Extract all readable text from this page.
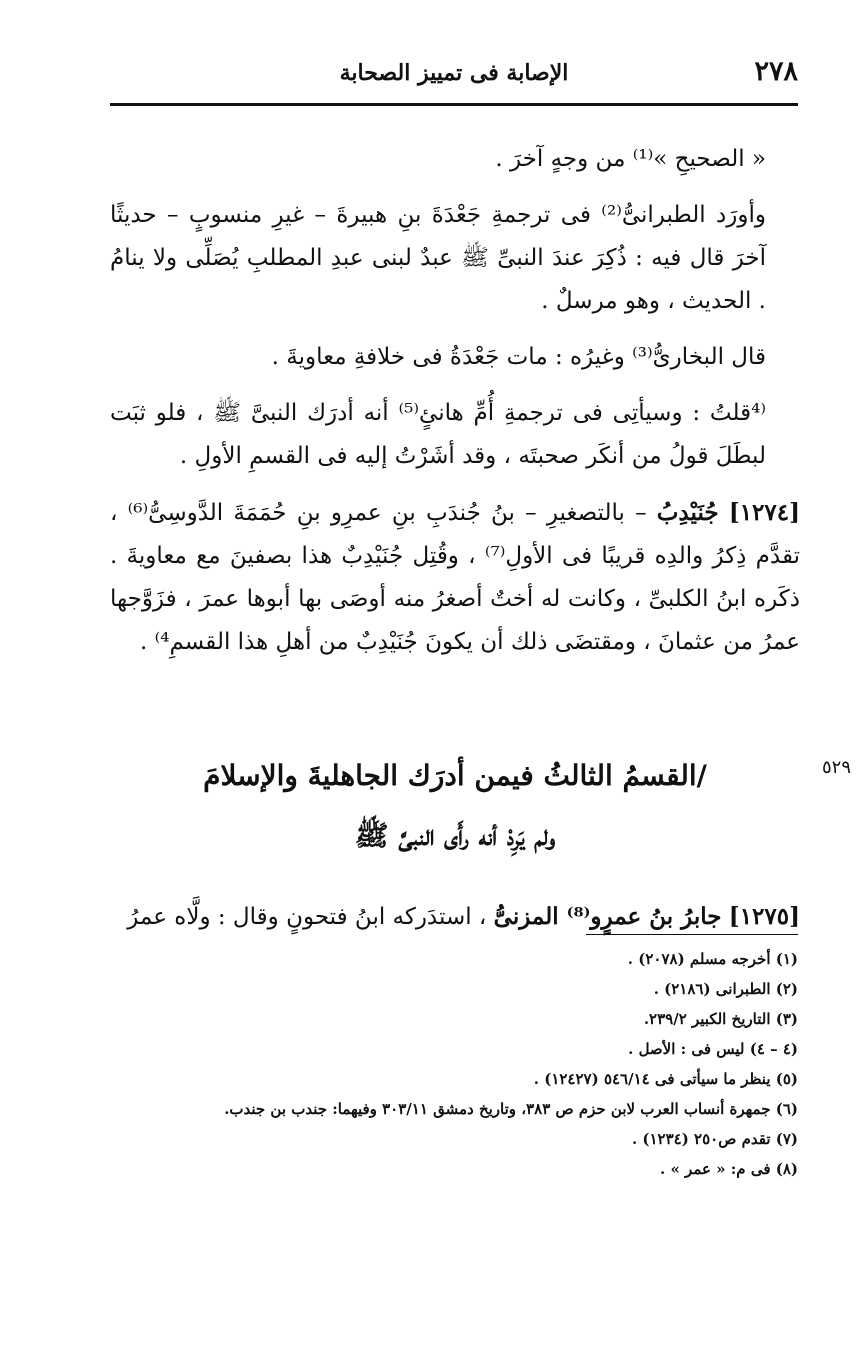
٢٧٨
الإصابة فى تمييز الصحابة

« الصحيحِ »⁽¹⁾ من وجهٍ آخرَ .

وأورَد الطبرانىُّ⁽²⁾ فى ترجمةِ جَعْدَةَ بنِ هبيرةَ – غيرِ منسوبٍ – حديثًا آخرَ قال فيه : ذُكِرَ عندَ النبىِّ ﷺ عبدٌ لبنى عبدِ المطلبِ يُصَلِّى ولا ينامُ . الحديث ، وهو مرسلٌ .

قال البخارىُّ⁽³⁾ وغيرُه : مات جَعْدَةُ فى خلافةِ معاويةَ .

⁽⁴قلتُ : وسيأتِى فى ترجمةِ أُمِّ هانئٍ⁽⁵⁾ أنه أدرَك النبىَّ ﷺ ، فلو ثبَت لبطَلَ قولُ من أنكَر صحبتَه ، وقد أشَرْتُ إليه فى القسمِ الأولِ .

[١٢٧٤] جُنَيْدِبُ – بالتصغيرِ – بنُ جُندَبِ بنِ عمرِو بنِ حُمَمَةَ الدَّوسِىُّ⁽⁶⁾ ، تقدَّم ذِكرُ والدِه قريبًا فى الأولِ⁽⁷⁾ ، وقُتِل جُنَيْدِبٌ هذا بصفينَ مع معاويةَ . ذكَره ابنُ الكلبىِّ ، وكانت له أختٌ أصغرُ منه أوصَى بها أبوها عمرَ ، فزَوَّجها عمرُ من عثمانَ ، ومقتضَى ذلك أن يكونَ جُنَيْدِبٌ من أهلِ هذا القسمِ⁴⁾ .

٥٢٩
/القسمُ الثالثُ فيمن أدرَك الجاهليةَ والإسلامَ
ولم يَرِدْ أنه رأَى النبىَّ ﷺ

[١٢٧٥] جابرُ بنُ عمرٍو⁽⁸⁾ المزنىُّ ، استدَركه ابنُ فتحونٍ وقال : ولَّاه عمرُ

(١) أخرجه مسلم (٢٠٧٨) .
(٢) الطبرانى (٢١٨٦) .
(٣) التاريخ الكبير ٢٣٩/٢.
(٤ – ٤) ليس فى : الأصل .
(٥) ينظر ما سيأتى فى ٥٤٦/١٤ (١٢٤٢٧) .
(٦) جمهرة أنساب العرب لابن حزم ص ٣٨٣، وتاريخ دمشق ٣٠٣/١١ وفيهما: جندب بن جندب.
(٧) تقدم ص٢٥٠ (١٢٣٤) .
(٨) فى م: « عمر » .
